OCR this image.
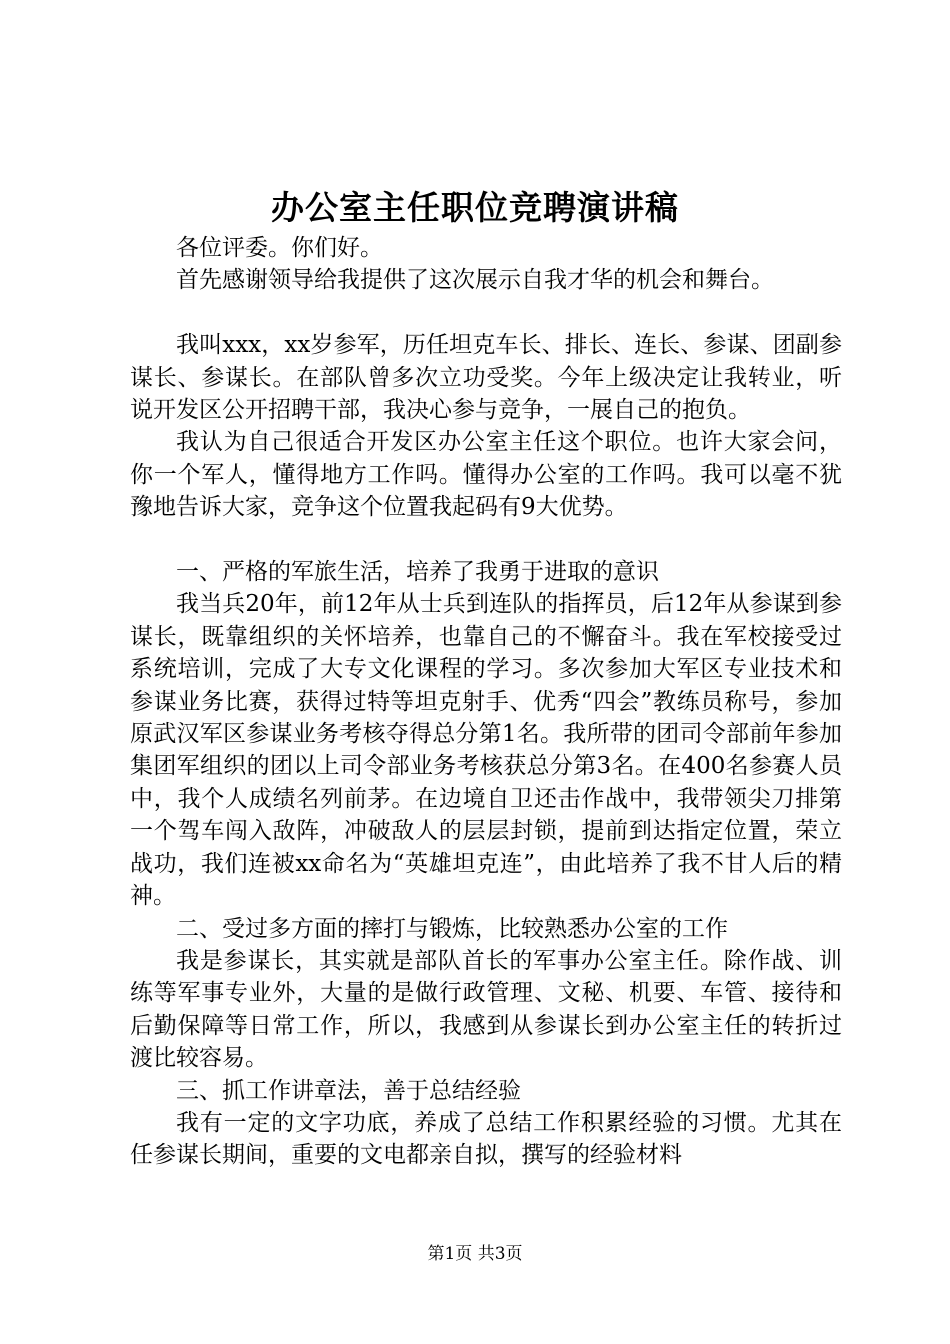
办公室主任职位竞聘演讲稿

各位评委。你们好。

首先感谢领导给我提供了这次展示自我才华的机会和舞台。

我叫xxx，xx岁参军，历任坦克车长、排长、连长、参谋、团副参谋长、参谋长。在部队曾多次立功受奖。今年上级决定让我转业，听说开发区公开招聘干部，我决心参与竞争，一展自己的抱负。

我认为自己很适合开发区办公室主任这个职位。也许大家会问，你一个军人，懂得地方工作吗。懂得办公室的工作吗。我可以毫不犹豫地告诉大家，竞争这个位置我起码有9大优势。

一、严格的军旅生活，培养了我勇于进取的意识

我当兵20年，前12年从士兵到连队的指挥员，后12年从参谋到参谋长，既靠组织的关怀培养，也靠自己的不懈奋斗。我在军校接受过系统培训，完成了大专文化课程的学习。多次参加大军区专业技术和参谋业务比赛，获得过特等坦克射手、优秀“四会”教练员称号，参加原武汉军区参谋业务考核夺得总分第1名。我所带的团司令部前年参加集团军组织的团以上司令部业务考核获总分第3名。在400名参赛人员中，我个人成绩名列前茅。在边境自卫还击作战中，我带领尖刀排第一个驾车闯入敌阵，冲破敌人的层层封锁，提前到达指定位置，荣立战功，我们连被xx命名为“英雄坦克连”，由此培养了我不甘人后的精神。

二、受过多方面的摔打与锻炼，比较熟悉办公室的工作

我是参谋长，其实就是部队首长的军事办公室主任。除作战、训练等军事专业外，大量的是做行政管理、文秘、机要、车管、接待和后勤保障等日常工作，所以，我感到从参谋长到办公室主任的转折过渡比较容易。

三、抓工作讲章法，善于总结经验

我有一定的文字功底，养成了总结工作积累经验的习惯。尤其在任参谋长期间，重要的文电都亲自拟，撰写的经验材料

第1页 共3页
